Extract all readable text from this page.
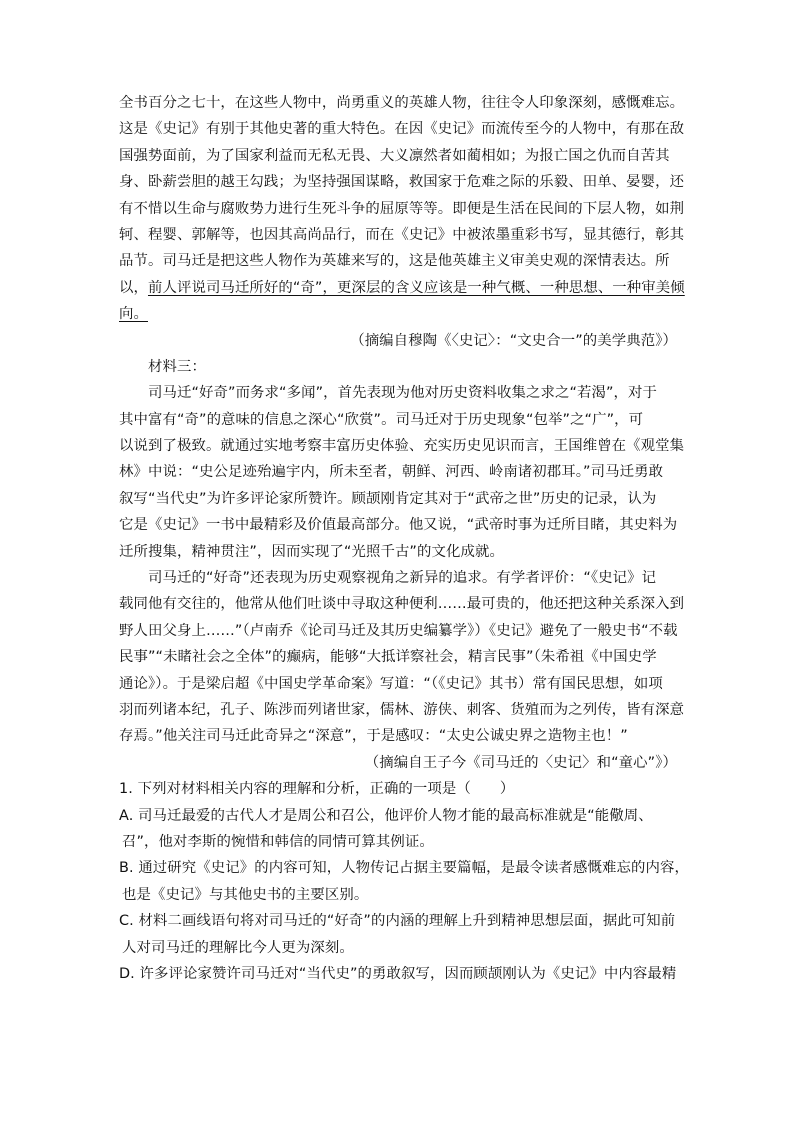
全书百分之七十，在这些人物中，尚勇重义的英雄人物，往往令人印象深刻，感慨难忘。
这是《史记》有别于其他史著的重大特色。在因《史记》而流传至今的人物中，有那在敌
国强势面前，为了国家利益而无私无畏、大义凛然者如蔺相如；为报亡国之仇而自苦其
身、卧薪尝胆的越王勾践；为坚持强国谋略，救国家于危难之际的乐毅、田单、晏婴，还
有不惜以生命与腐败势力进行生死斗争的屈原等等。即便是生活在民间的下层人物，如荆
轲、程婴、郭解等，也因其高尚品行，而在《史记》中被浓墨重彩书写，显其德行，彰其
品节。司马迁是把这些人物作为英雄来写的，这是他英雄主义审美史观的深情表达。所
以，前人评说司马迁所好的“奇”，更深层的含义应该是一种气概、一种思想、一种审美倾
向。
（摘编自穆陶《〈史记〉：“文史合一”的美学典范》）
材料三：
司马迁“好奇”而务求“多闻”，首先表现为他对历史资料收集之求之“若渴”，对于
其中富有“奇”的意味的信息之深心“欣赏”。司马迁对于历史现象“包举”之“广”，可
以说到了极致。就通过实地考察丰富历史体验、充实历史见识而言，王国维曾在《观堂集
林》中说：“史公足迹殆遍宇内，所未至者，朝鲜、河西、岭南诸初郡耳。”司马迁勇敢
叙写“当代史”为许多评论家所赞许。顾颉刚肯定其对于“武帝之世”历史的记录，认为
它是《史记》一书中最精彩及价值最高部分。他又说，“武帝时事为迁所目睹，其史料为
迁所搜集，精神贯注”，因而实现了“光照千古”的文化成就。
司马迁的“好奇”还表现为历史观察视角之新异的追求。有学者评价：“《史记》记
载同他有交往的，他常从他们吐谈中寻取这种便利……最可贵的，他还把这种关系深入到
野人田父身上……”（卢南乔《论司马迁及其历史编纂学》）《史记》避免了一般史书“不载
民事”“未睹社会之全体”的癫病，能够“大抵详察社会，精言民事”（朱希祖《中国史学
通论》）。于是梁启超《中国史学革命案》写道：“（《史记》其书）常有国民思想，如项
羽而列诸本纪，孔子、陈涉而列诸世家，儒林、游侠、刺客、货殖而为之列传，皆有深意
存焉。”他关注司马迁此奇异之“深意”，于是感叹：“太史公诚史界之造物主也！”
（摘编自王子今《司马迁的〈史记〉和“童心”》）
1. 下列对材料相关内容的理解和分析，正确的一项是（　　）
A. 司马迁最爱的古代人才是周公和召公，他评价人物才能的最高标准就是“能儆周、
召”，他对李斯的惋惜和韩信的同情可算其例证。
B. 通过研究《史记》的内容可知，人物传记占据主要篇幅，是最令读者感慨难忘的内容，
也是《史记》与其他史书的主要区别。
C. 材料二画线语句将对司马迁的“好奇”的内涵的理解上升到精神思想层面，据此可知前
人对司马迁的理解比今人更为深刻。
D. 许多评论家赞许司马迁对“当代史”的勇敢叙写，因而顾颉刚认为《史记》中内容最精
